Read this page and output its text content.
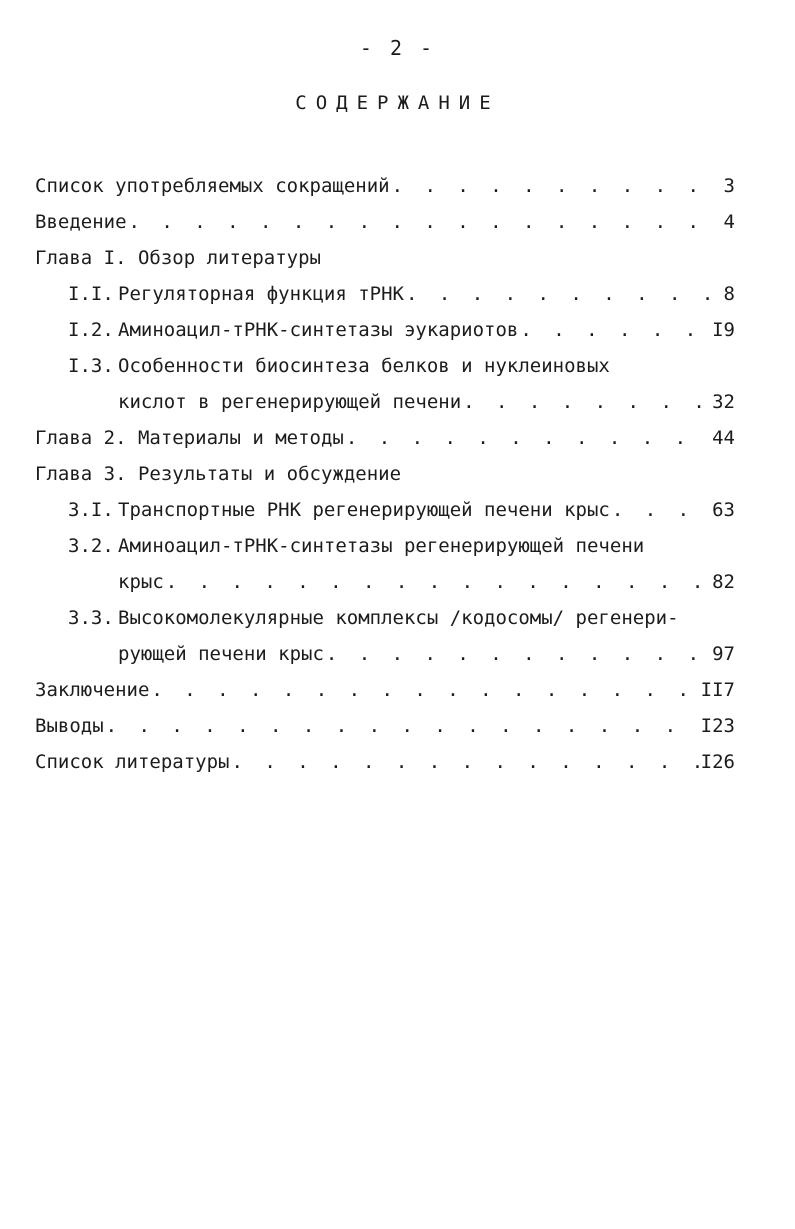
- 2 -
СОДЕРЖАНИЕ
Список употребляемых сокращений . . .	3
Введение . . .	4
Глава I. Обзор литературы
I.I. Регуляторная функция тРНК . . .	8
I.2. Аминоацил-тРНК-синтетазы эукариотов . . .	I9
I.3. Особенности биосинтеза белков и нуклеиновых
кислот в регенерирующей печени . . .	32
Глава 2. Материалы и методы . . .	44
Глава 3. Результаты и обсуждение
3.I. Транспортные РНК регенерирующей печени крыс . . .	63
3.2. Аминоацил-тРНК-синтетазы регенерирующей печени
крыс . . .	82
3.3. Высокомолекулярные комплексы /кодосомы/ регенери-
рующей печени крыс . . .	97
Заключение . . .	II7
Выводы . . .	I23
Список литературы . . .	I26
